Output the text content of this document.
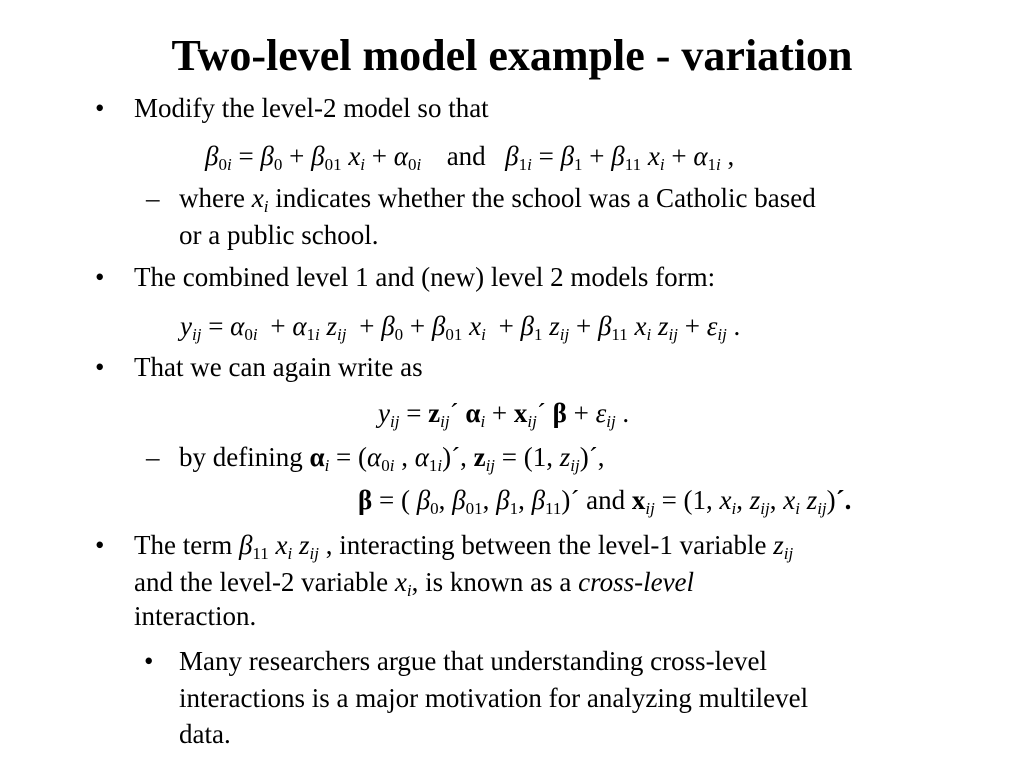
Two-level model example - variation
• Modify the level-2 model so that
$\beta_{0i} = \beta_0 + \beta_{01}$ $x_i + \alpha_{0i}$ and $\beta_{1i} = \beta_1 + \beta_{11}$ $x_i + \alpha_{1i}$ ,
– where $x_i$ indicates whether the school was a Catholic based
or a public school.
• The combined level 1 and (new) level 2 models form:
$y_{ij} = \alpha_{0i} + \alpha_{1i}$ $z_{ij} + \beta_0 + \beta_{01}$ $x_i + \beta_1$ $z_{ij} + \beta_{11}$ $x_i$ $z_{ij} + \varepsilon_{ij}$ .
• That we can again write as
$y_{ij}$ = $z_{ij}´$ $\alpha_i$ + $x_{ij}´$ $\beta + \varepsilon_{ij}$ .
– by defining $\alpha_i = (\alpha_{0i}$ , $\alpha_{1i})´$, $z_{ij} = (1$, $z_{ij})´$,
β = ( $\beta_0$, $\beta_{01}$, $\beta_1$, $\beta_{11})´$ and $x_{ij} = (1$, $x_i$, $z_{ij}$, $x_i$ $z_{ij})´$.
• The term $\beta_{11}$ $x_i$ $z_{ij}$ , interacting between the level-1 variable $z_{ij}$
and the level-2 variable $x_i$, is known as a cross-level
interaction.
• Many researchers argue that understanding cross-level
interactions is a major motivation for analyzing multilevel
data.
